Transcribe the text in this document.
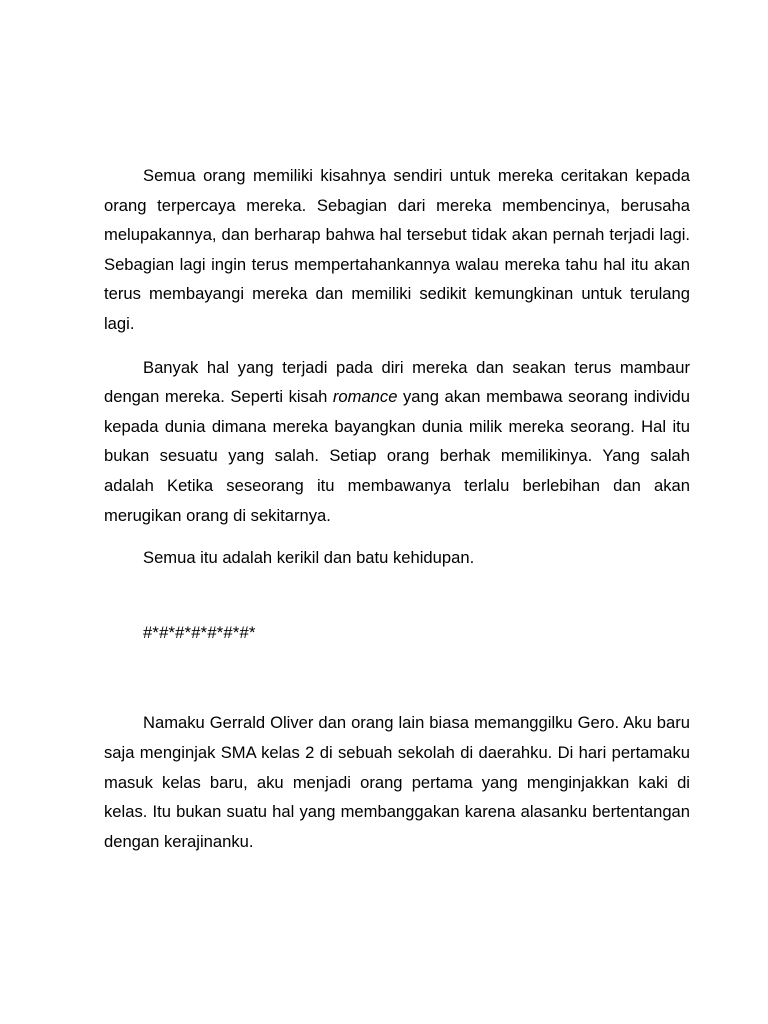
Semua orang memiliki kisahnya sendiri untuk mereka ceritakan kepada orang terpercaya mereka. Sebagian dari mereka membencinya, berusaha melupakannya, dan berharap bahwa hal tersebut tidak akan pernah terjadi lagi. Sebagian lagi ingin terus mempertahankannya walau mereka tahu hal itu akan terus membayangi mereka dan memiliki sedikit kemungkinan untuk terulang lagi.

Banyak hal yang terjadi pada diri mereka dan seakan terus mambaur dengan mereka. Seperti kisah romance yang akan membawa seorang individu kepada dunia dimana mereka bayangkan dunia milik mereka seorang. Hal itu bukan sesuatu yang salah. Setiap orang berhak memilikinya. Yang salah adalah Ketika seseorang itu membawanya terlalu berlebihan dan akan merugikan orang di sekitarnya.

Semua itu adalah kerikil dan batu kehidupan.

#*#*#*#*#*#*#*

Namaku Gerrald Oliver dan orang lain biasa memanggilku Gero. Aku baru saja menginjak SMA kelas 2 di sebuah sekolah di daerahku. Di hari pertamaku masuk kelas baru, aku menjadi orang pertama yang menginjakkan kaki di kelas. Itu bukan suatu hal yang membanggakan karena alasanku bertentangan dengan kerajinanku.
